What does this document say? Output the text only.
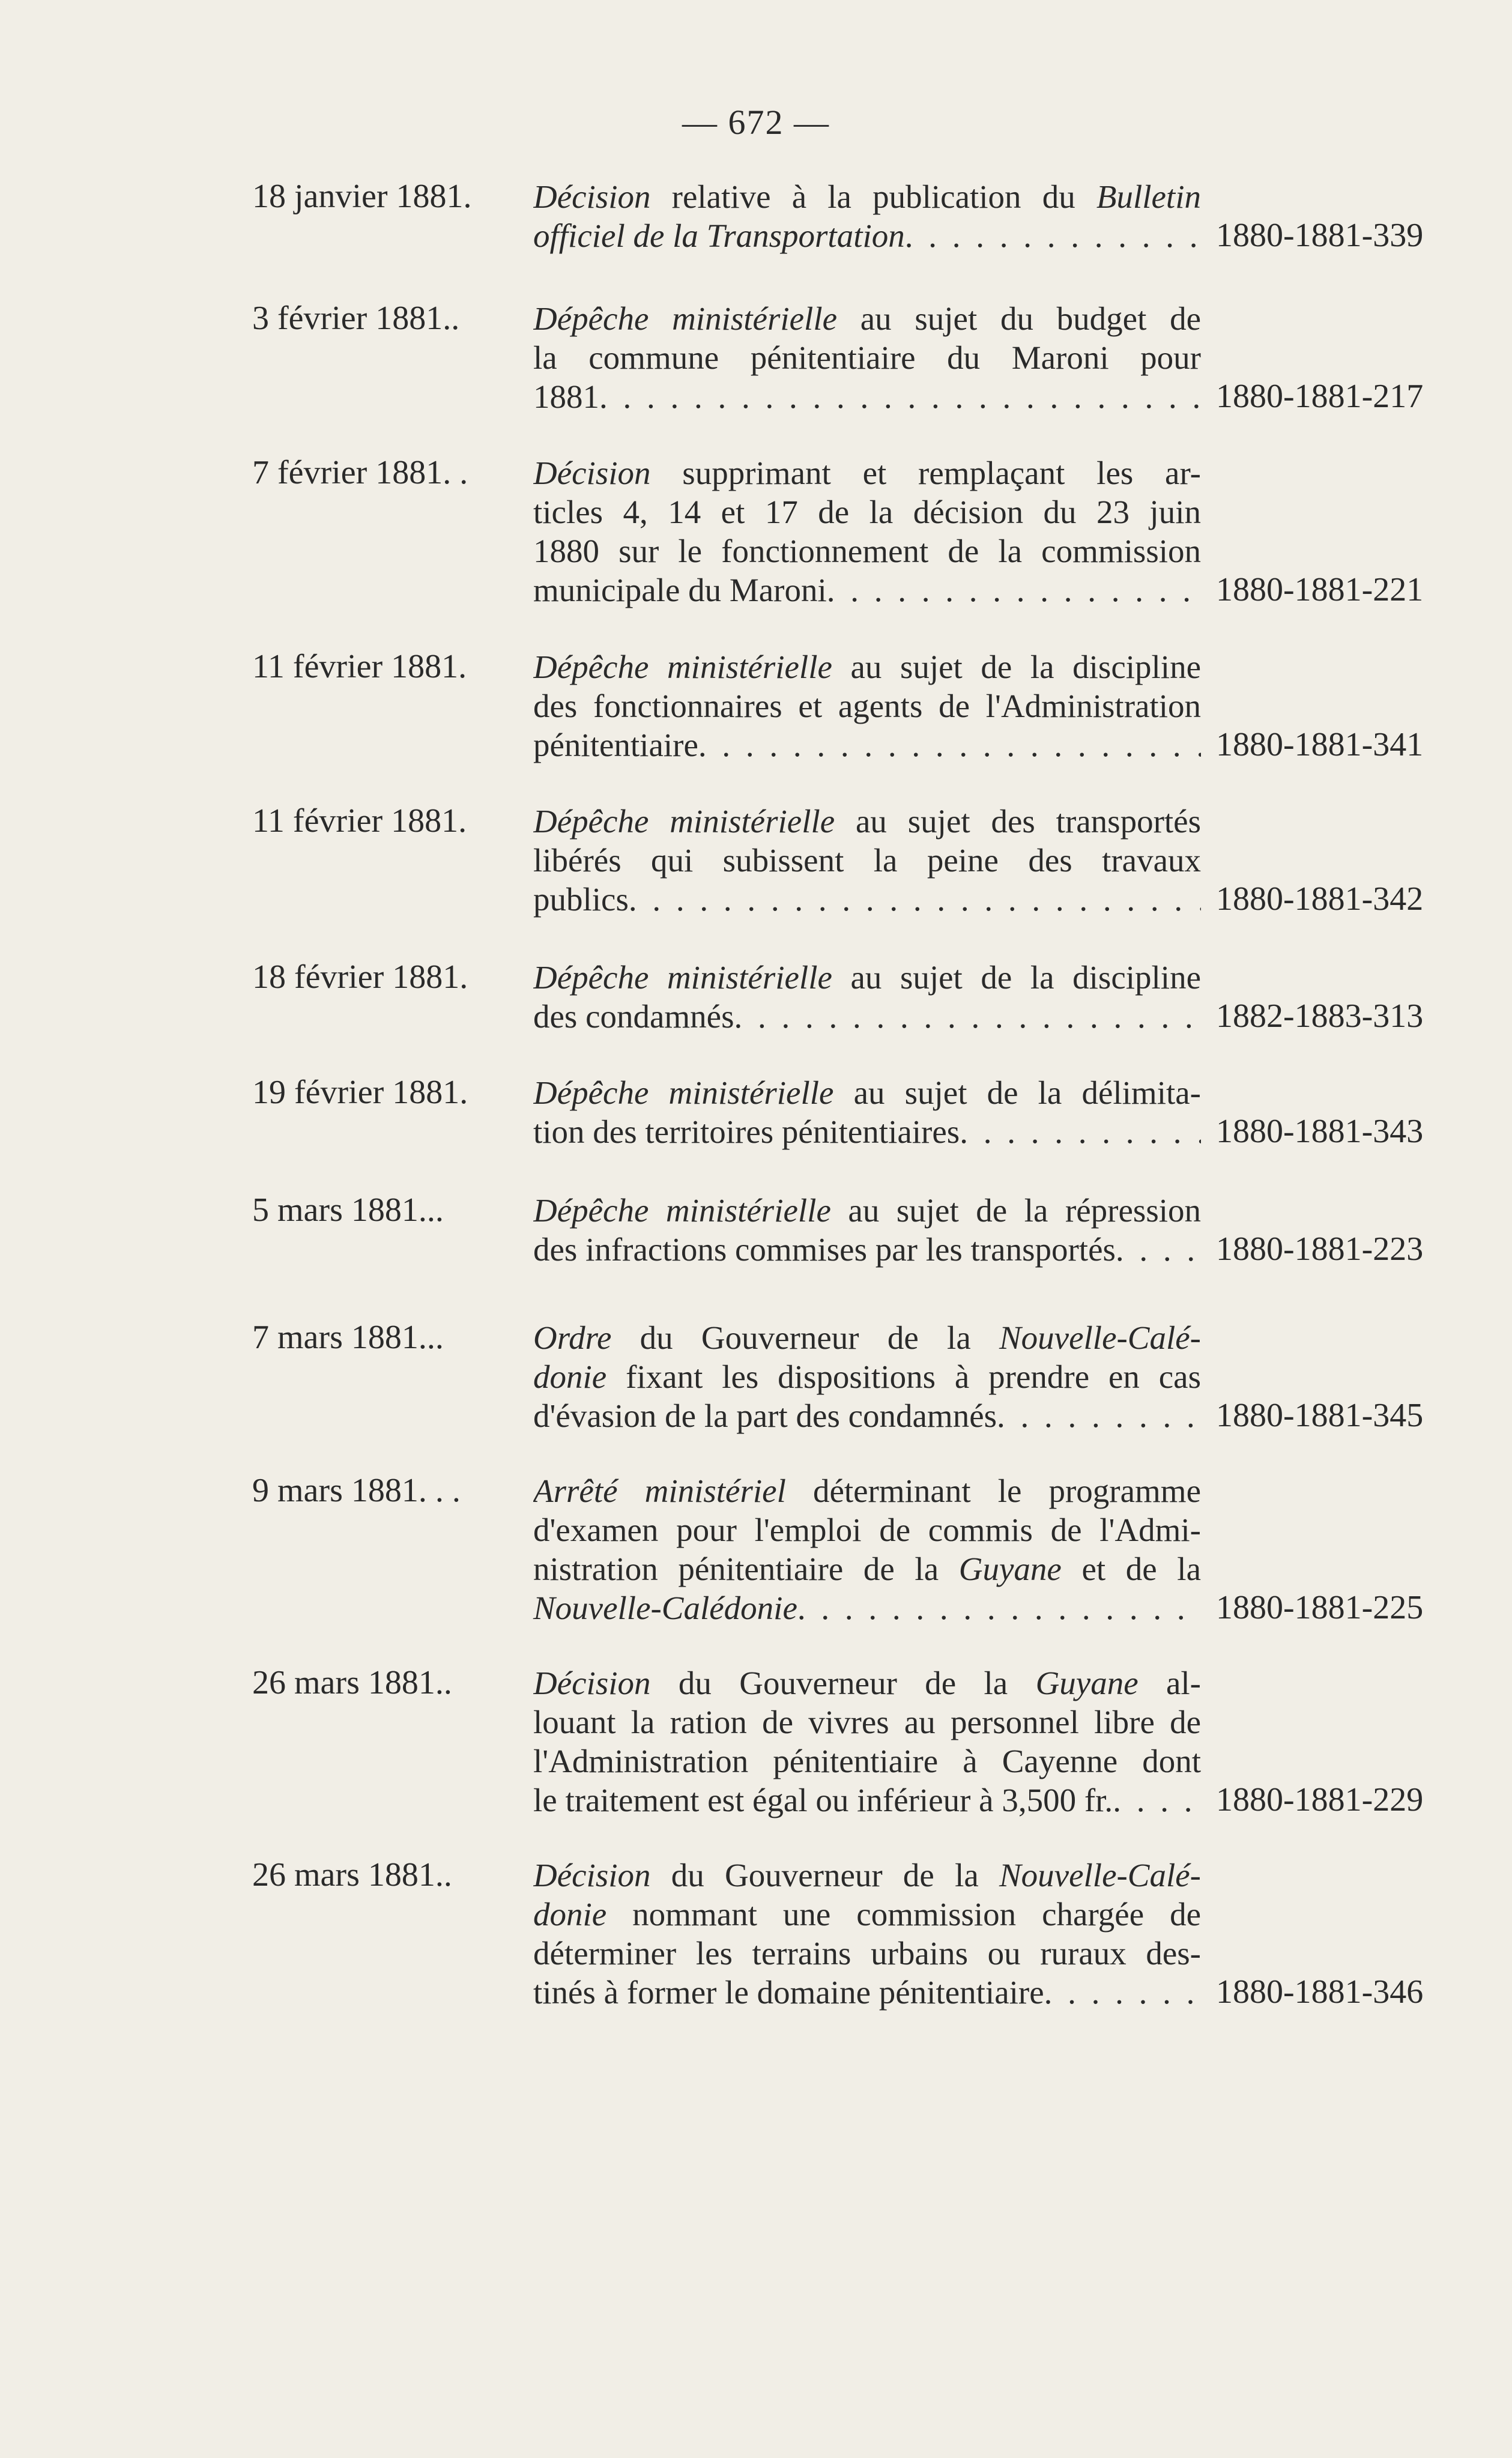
— 672 —
18 janvier 1881. Décision relative à la publication du Bulletin
officiel de la Transportation . . .	1880-1881-339
3 février 1881.. Dépêche ministérielle au sujet du budget de
la commune pénitentiaire du Maroni pour
1881 . . .	1880-1881-217
7 février 1881. . Décision supprimant et remplaçant les ar-
ticles 4, 14 et 17 de la décision du 23 juin
1880 sur le fonctionnement de la commission
municipale du Maroni . . .	1880-1881-221
11 février 1881. Dépêche ministérielle au sujet de la discipline
des fonctionnaires et agents de l'Administration
pénitentiaire . . .	1880-1881-341
11 février 1881. Dépêche ministérielle au sujet des transportés
libérés qui subissent la peine des travaux
publics . . .	1880-1881-342
18 février 1881. Dépêche ministérielle au sujet de la discipline
des condamnés . . .	1882-1883-313
19 février 1881. Dépêche ministérielle au sujet de la délimita-
tion des territoires pénitentiaires . . .	1880-1881-343
5 mars 1881...	Dépêche ministérielle au sujet de la répression
des infractions commises par les transportés . . .	1880-1881-223
7 mars 1881...	Ordre du Gouverneur de la Nouvelle-Calé-
donie fixant les dispositions à prendre en cas
d'évasion de la part des condamnés . . .	1880-1881-345
9 mars 1881. . . Arrêté ministériel déterminant le programme
d'examen pour l'emploi de commis de l'Admi-
nistration pénitentiaire de la Guyane et de la
Nouvelle-Calédonie . . .	1880-1881-225
26 mars 1881.. Décision du Gouverneur de la Guyane al-
louant la ration de vivres au personnel libre de
l'Administration pénitentiaire à Cayenne dont
le traitement est égal ou inférieur à 3,500 fr. . . .	1880-1881-229
26 mars 1881.. Décision du Gouverneur de la Nouvelle-Calé-
donie nommant une commission chargée de
déterminer les terrains urbains ou ruraux des-
tinés à former le domaine pénitentiaire . . .	1880-1881-346
